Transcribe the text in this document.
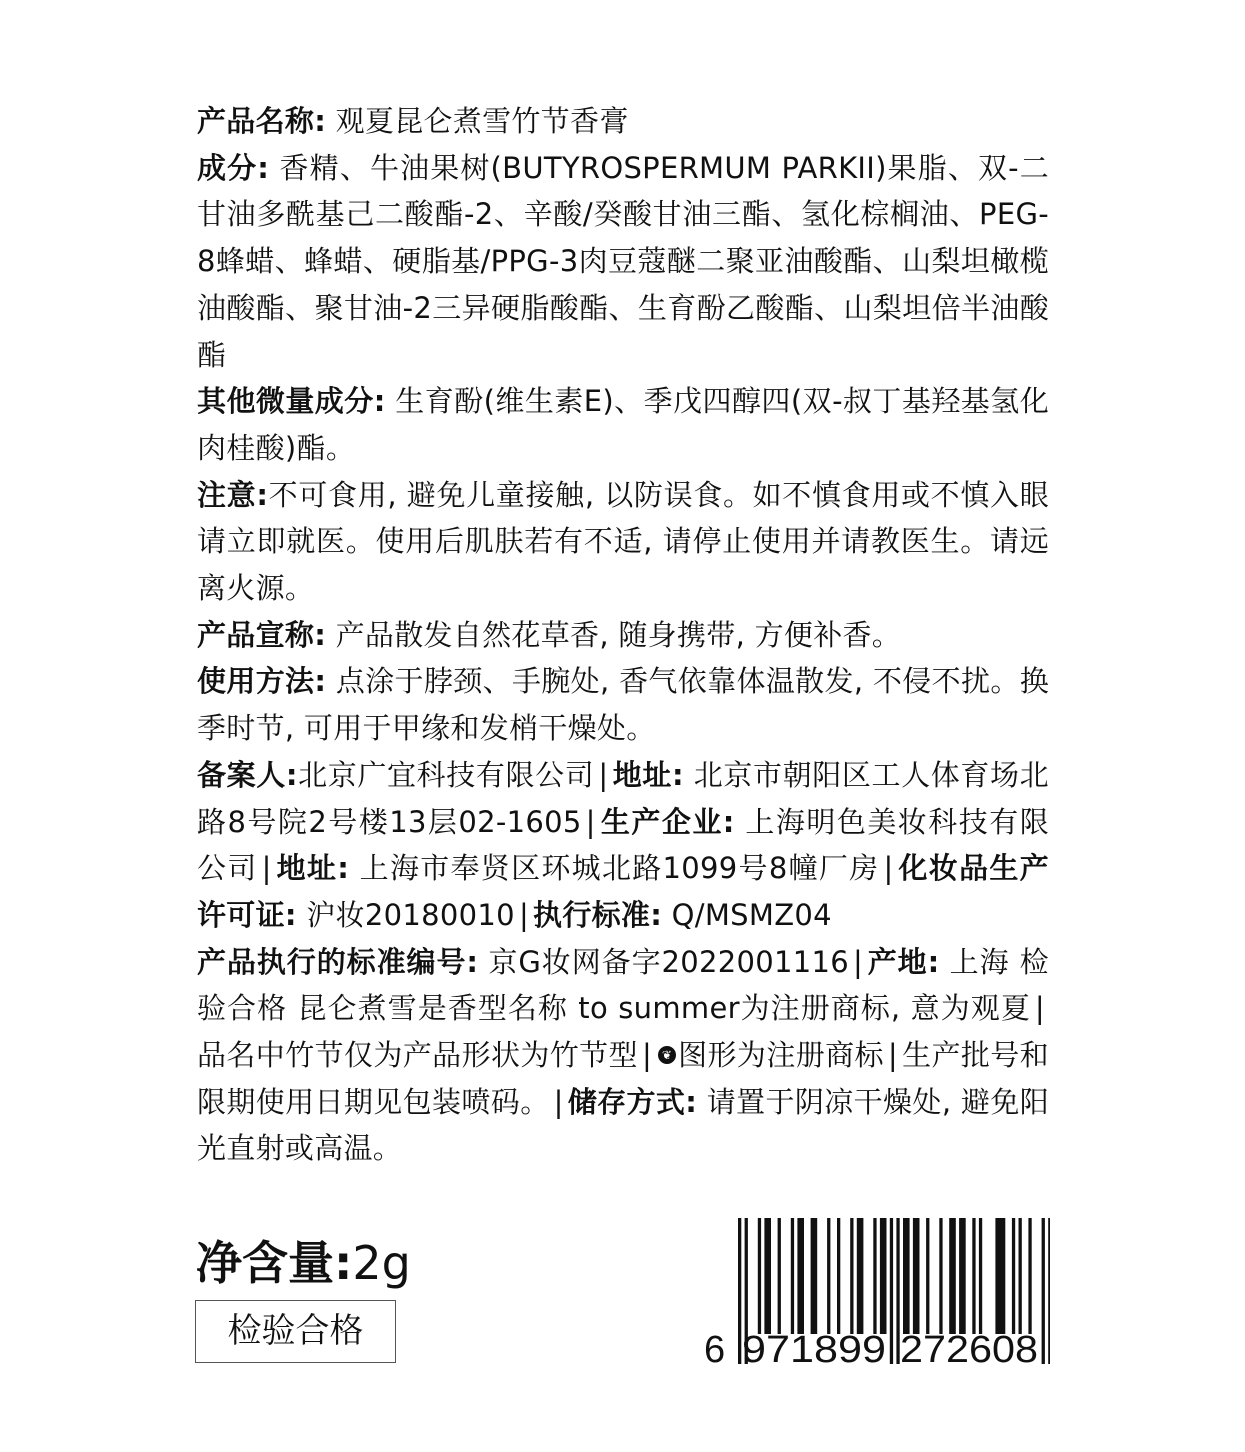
产品名称: 观夏昆仑煮雪竹节香膏

成分: 香精、牛油果树(BUTYROSPERMUM PARKII)果脂、双-二甘油多酰基己二酸酯-2、辛酸/癸酸甘油三酯、氢化棕榈油、PEG-8蜂蜡、蜂蜡、硬脂基/PPG-3肉豆蔻醚二聚亚油酸酯、山梨坦橄榄油酸酯、聚甘油-2三异硬脂酸酯、生育酚乙酸酯、山梨坦倍半油酸酯

其他微量成分: 生育酚(维生素E)、季戊四醇四(双-叔丁基羟基氢化肉桂酸)酯。

注意:不可食用, 避免儿童接触, 以防误食。如不慎食用或不慎入眼请立即就医。使用后肌肤若有不适, 请停止使用并请教医生。请远离火源。

产品宣称: 产品散发自然花草香, 随身携带, 方便补香。

使用方法: 点涂于脖颈、手腕处, 香气依靠体温散发, 不侵不扰。换季时节, 可用于甲缘和发梢干燥处。

备案人:北京广宜科技有限公司 | 地址: 北京市朝阳区工人体育场北路8号院2号楼13层02-1605 | 生产企业: 上海明色美妆科技有限公司 | 地址: 上海市奉贤区环城北路1099号8幢厂房 | 化妆品生产许可证: 沪妆20180010 | 执行标准: Q/MSMZ04

产品执行的标准编号: 京G妆网备字2022001116 | 产地: 上海 检验合格 昆仑煮雪是香型名称 to summer为注册商标, 意为观夏 |品名中竹节仅为产品形状为竹节型 | ❦ 图形为注册商标 | 生产批号和限期使用日期见包装喷码。 | 储存方式: 请置于阴凉干燥处, 避免阳光直射或高温。

净含量:2g
检验合格	6 971899 272608
